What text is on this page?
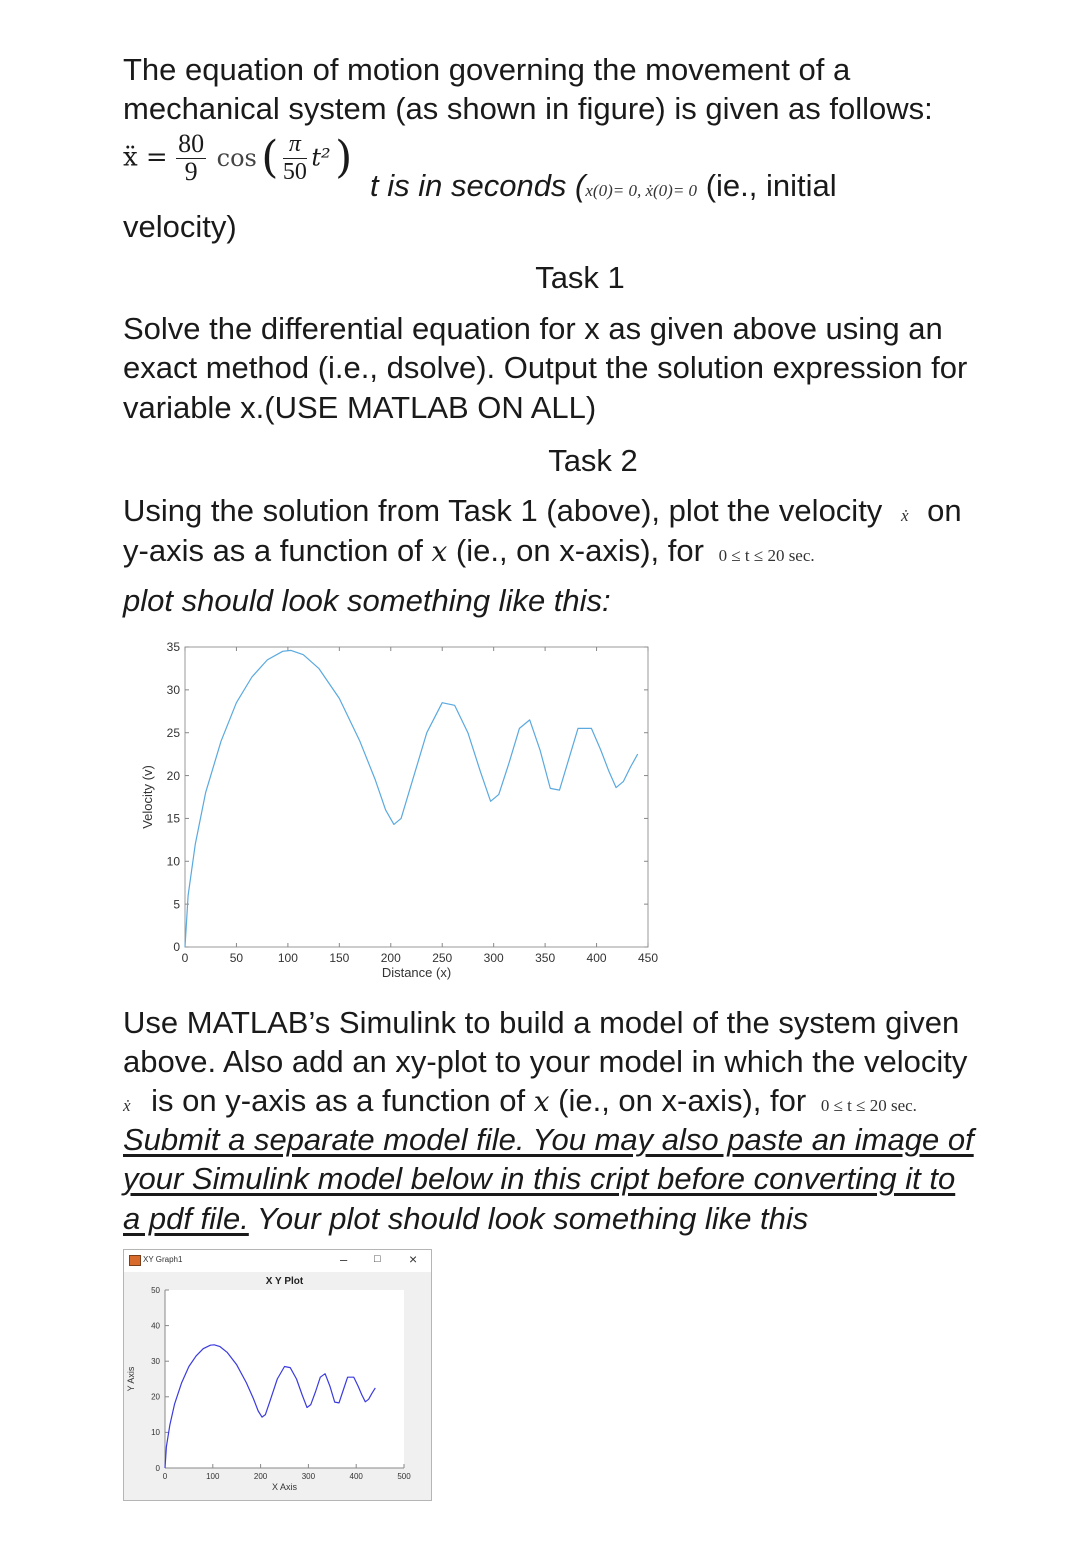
The equation of motion governing the movement of a
mechanical system (as shown in figure) is given as follows:
ẍ = $\frac{80}{9}$ cos ( $\frac{\pi}{50} t^2$ )
t is in seconds (x(0)= 0, ẋ(0)= 0 (ie., initial
velocity)
Task 1
Solve the differential equation for x as given above using an
exact method (i.e., dsolve). Output the solution expression for
variable x.(USE MATLAB ON ALL)
Task 2
Using the solution from Task 1 (above), plot the velocity ẋ on
y-axis as a function of x (ie., on x-axis), for 0 ≤ t ≤ 20 sec.
plot should look something like this:
0	50	100	150	200	250	300	350	400	450
0
5
10
15
20
25
30
35
Distance (x)
Velocity (v)
Use MATLAB’s Simulink to build a model of the system given
above. Also add an xy-plot to your model in which the velocity
ẋ is on y-axis as a function of x (ie., on x-axis), for 0 ≤ t ≤ 20 sec.
Submit a separate model file. You may also paste an image of
your Simulink model below in this cript before converting it to
a pdf file. Your plot should look something like this
XY Graph1	– □ ×
0	100	200	300	400	500
0
10
20
30
40
50
X Y Plot
X Axis
Y Axis
